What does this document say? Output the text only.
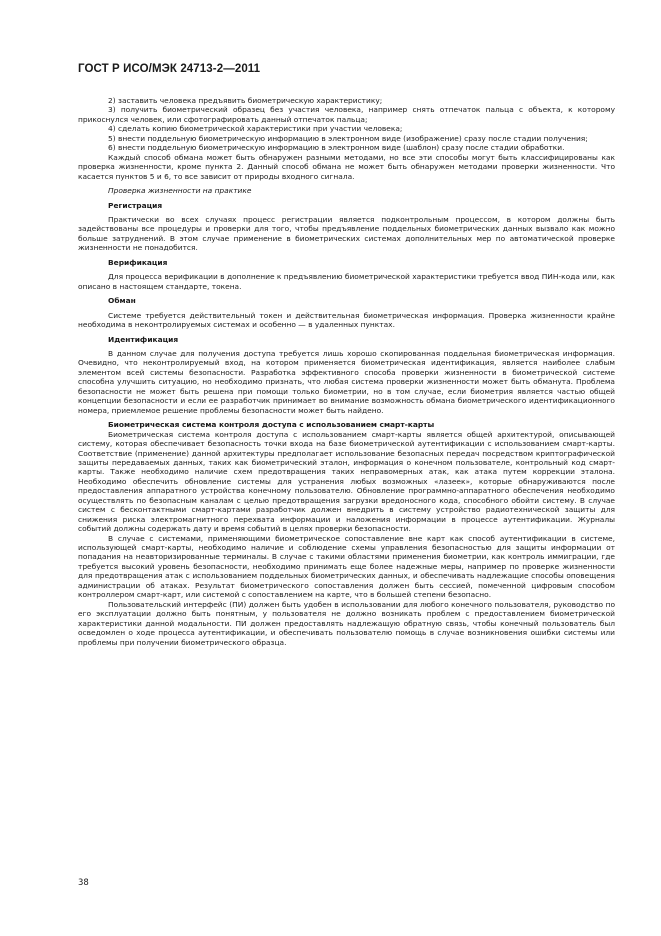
ГОСТ Р ИСО/МЭК 24713-2—2011

2) заставить человека предъявить биометрическую характеристику;

3) получить биометрический образец без участия человека, например снять отпечаток пальца с объекта, к которому прикоснулся человек, или сфотографировать данный отпечаток пальца;

4) сделать копию биометрической характеристики при участии человека;

5) внести поддельную биометрическую информацию в электронном виде (изображение) сразу после стадии получения;

6) внести поддельную биометрическую информацию в электронном виде (шаблон) сразу после стадии обработки.

Каждый способ обмана может быть обнаружен разными методами, но все эти способы могут быть классифицированы как проверка жизненности, кроме пункта 2. Данный способ обмана не может быть обнаружен методами проверки жизненности. Что касается пунктов 5 и 6, то все зависит от природы входного сигнала.

Проверка жизненности на практике

Регистрация

Практически во всех случаях процесс регистрации является подконтрольным процессом, в котором должны быть задействованы все процедуры и проверки для того, чтобы предъявление поддельных биометрических данных вызвало как можно больше затруднений. В этом случае применение в биометрических системах дополнительных мер по автоматической проверке жизненности не понадобится.

Верификация

Для процесса верификации в дополнение к предъявлению биометрической характеристики требуется ввод ПИН-кода или, как описано в настоящем стандарте, токена.

Обман

Системе требуется действительный токен и действительная биометрическая информация. Проверка жизненности крайне необходима в неконтролируемых системах и особенно — в удаленных пунктах.

Идентификация

В данном случае для получения доступа требуется лишь хорошо скопированная поддельная биометрическая информация. Очевидно, что неконтролируемый вход, на котором применяется биометрическая идентификация, является наиболее слабым элементом всей системы безопасности. Разработка эффективного способа проверки жизненности в биометрической системе способна улучшить ситуацию, но необходимо признать, что любая система проверки жизненности может быть обманута. Проблема безопасности не может быть решена при помощи только биометрии, но в том случае, если биометрия является частью общей концепции безопасности и если ее разработчик принимает во внимание возможность обмана биометрического идентификационного номера, приемлемое решение проблемы безопасности может быть найдено.

Биометрическая система контроля доступа с использованием смарт-карты

Биометрическая система контроля доступа с использованием смарт-карты является общей архитектурой, описывающей систему, которая обеспечивает безопасность точки входа на базе биометрической аутентификации с использованием смарт-карты. Соответствие (применение) данной архитектуры предполагает использование безопасных передач посредством криптографической защиты передаваемых данных, таких как биометрический эталон, информация о конечном пользователе, контрольный код смарт-карты. Также необходимо наличие схем предотвращения таких неправомерных атак, как атака путем коррекции эталона. Необходимо обеспечить обновление системы для устранения любых возможных «лазеек», которые обнаруживаются после предоставления аппаратного устройства конечному пользователю. Обновление программно-аппаратного обеспечения необходимо осуществлять по безопасным каналам с целью предотвращения загрузки вредоносного кода, способного обойти систему. В случае систем с бесконтактными смарт-картами разработчик должен внедрить в систему устройство радиотехнической защиты для снижения риска электромагнитного перехвата информации и наложения информации в процессе аутентификации. Журналы событий должны содержать дату и время событий в целях проверки безопасности.

В случае с системами, применяющими биометрическое сопоставление вне карт как способ аутентификации в системе, использующей смарт-карты, необходимо наличие и соблюдение схемы управления безопасностью для защиты информации от попадания на неавторизированные терминалы. В случае с такими областями применения биометрии, как контроль иммиграции, где требуется высокий уровень безопасности, необходимо принимать еще более надежные меры, например по проверке жизненности для предотвращения атак с использованием поддельных биометрических данных, и обеспечивать надлежащие способы оповещения администрации об атаках. Результат биометрического сопоставления должен быть сессией, помеченной цифровым способом контроллером смарт-карт, или системой с сопоставлением на карте, что в большей степени безопасно.

Пользовательский интерфейс (ПИ) должен быть удобен в использовании для любого конечного пользователя, руководство по его эксплуатации должно быть понятным, у пользователя не должно возникать проблем с предоставлением биометрической характеристики данной модальности. ПИ должен предоставлять надлежащую обратную связь, чтобы конечный пользователь был осведомлен о ходе процесса аутентификации, и обеспечивать пользователю помощь в случае возникновения ошибки системы или проблемы при получении биометрического образца.

38
